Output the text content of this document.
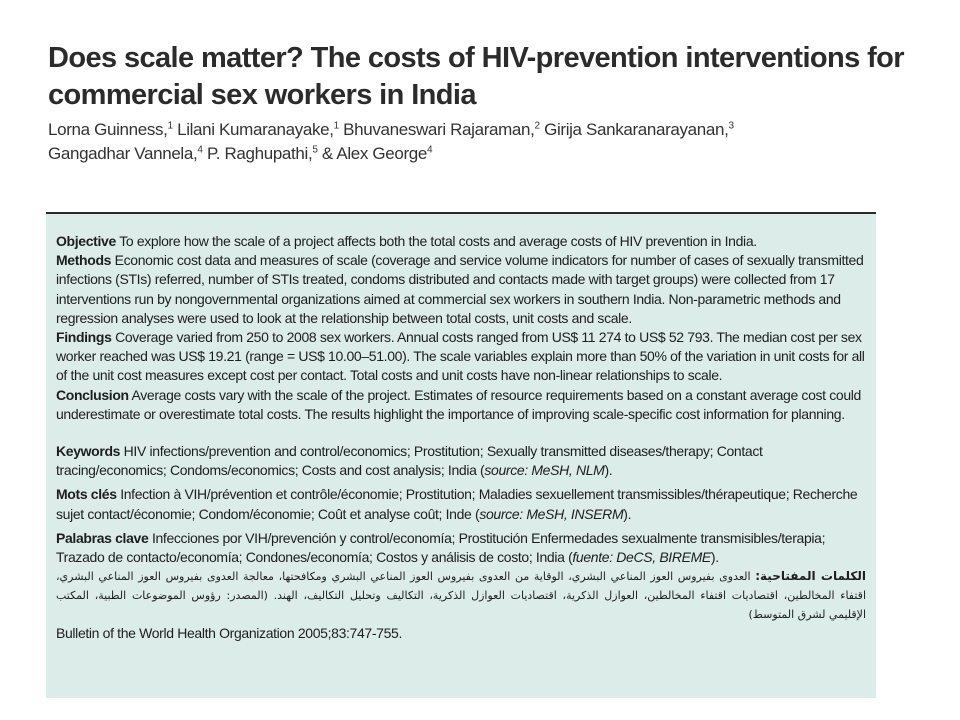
Does scale matter? The costs of HIV-prevention interventions for commercial sex workers in India
Lorna Guinness,$^1$ Lilani Kumaranayake,$^1$ Bhuvaneswari Rajaraman,$^2$ Girija Sankaranarayanan,$^3$
Gangadhar Vannela,$^4$ P. Raghupathi,$^5$ & Alex George$^4$

Objective To explore how the scale of a project affects both the total costs and average costs of HIV prevention in India.

Methods Economic cost data and measures of scale (coverage and service volume indicators for number of cases of sexually transmitted infections (STIs) referred, number of STIs treated, condoms distributed and contacts made with target groups) were collected from 17 interventions run by nongovernmental organizations aimed at commercial sex workers in southern India. Non-parametric methods and regression analyses were used to look at the relationship between total costs, unit costs and scale.

Findings Coverage varied from 250 to 2008 sex workers. Annual costs ranged from US$ 11 274 to US$ 52 793. The median cost per sex worker reached was US$ 19.21 (range = US$ 10.00–51.00). The scale variables explain more than 50% of the variation in unit costs for all of the unit cost measures except cost per contact. Total costs and unit costs have non-linear relationships to scale.

Conclusion Average costs vary with the scale of the project. Estimates of resource requirements based on a constant average cost could underestimate or overestimate total costs. The results highlight the importance of improving scale-specific cost information for planning.

Keywords HIV infections/prevention and control/economics; Prostitution; Sexually transmitted diseases/therapy; Contact tracing/economics; Condoms/economics; Costs and cost analysis; India (source: MeSH, NLM).

Mots clés Infection à VIH/prévention et contrôle/économie; Prostitution; Maladies sexuellement transmissibles/thérapeutique; Recherche sujet contact/économie; Condom/économie; Coût et analyse coût; Inde (source: MeSH, INSERM).

Palabras clave Infecciones por VIH/prevención y control/economía; Prostitución Enfermedades sexualmente transmisibles/terapia; Trazado de contacto/economía; Condones/economía; Costos y análisis de costo; India (fuente: DeCS, BIREME).

الكلمات المفتاحية: العدوى بفيروس العوز المناعي البشري، الوقاية من العدوى بفيروس العوز المناعي البشري ومكافحتها، معالجة العدوى بفيروس العوز المناعي البشري، اقتفاء المخالطين، اقتصاديات اقتفاء المخالطين، العوازل الذكرية، اقتصاديات العوازل الذكرية، التكاليف وتحليل التكاليف، الهند. (المصدر: رؤوس الموضوعات الطبية، المكتب الإقليمي لشرق المتوسط)

Bulletin of the World Health Organization 2005;83:747-755.
